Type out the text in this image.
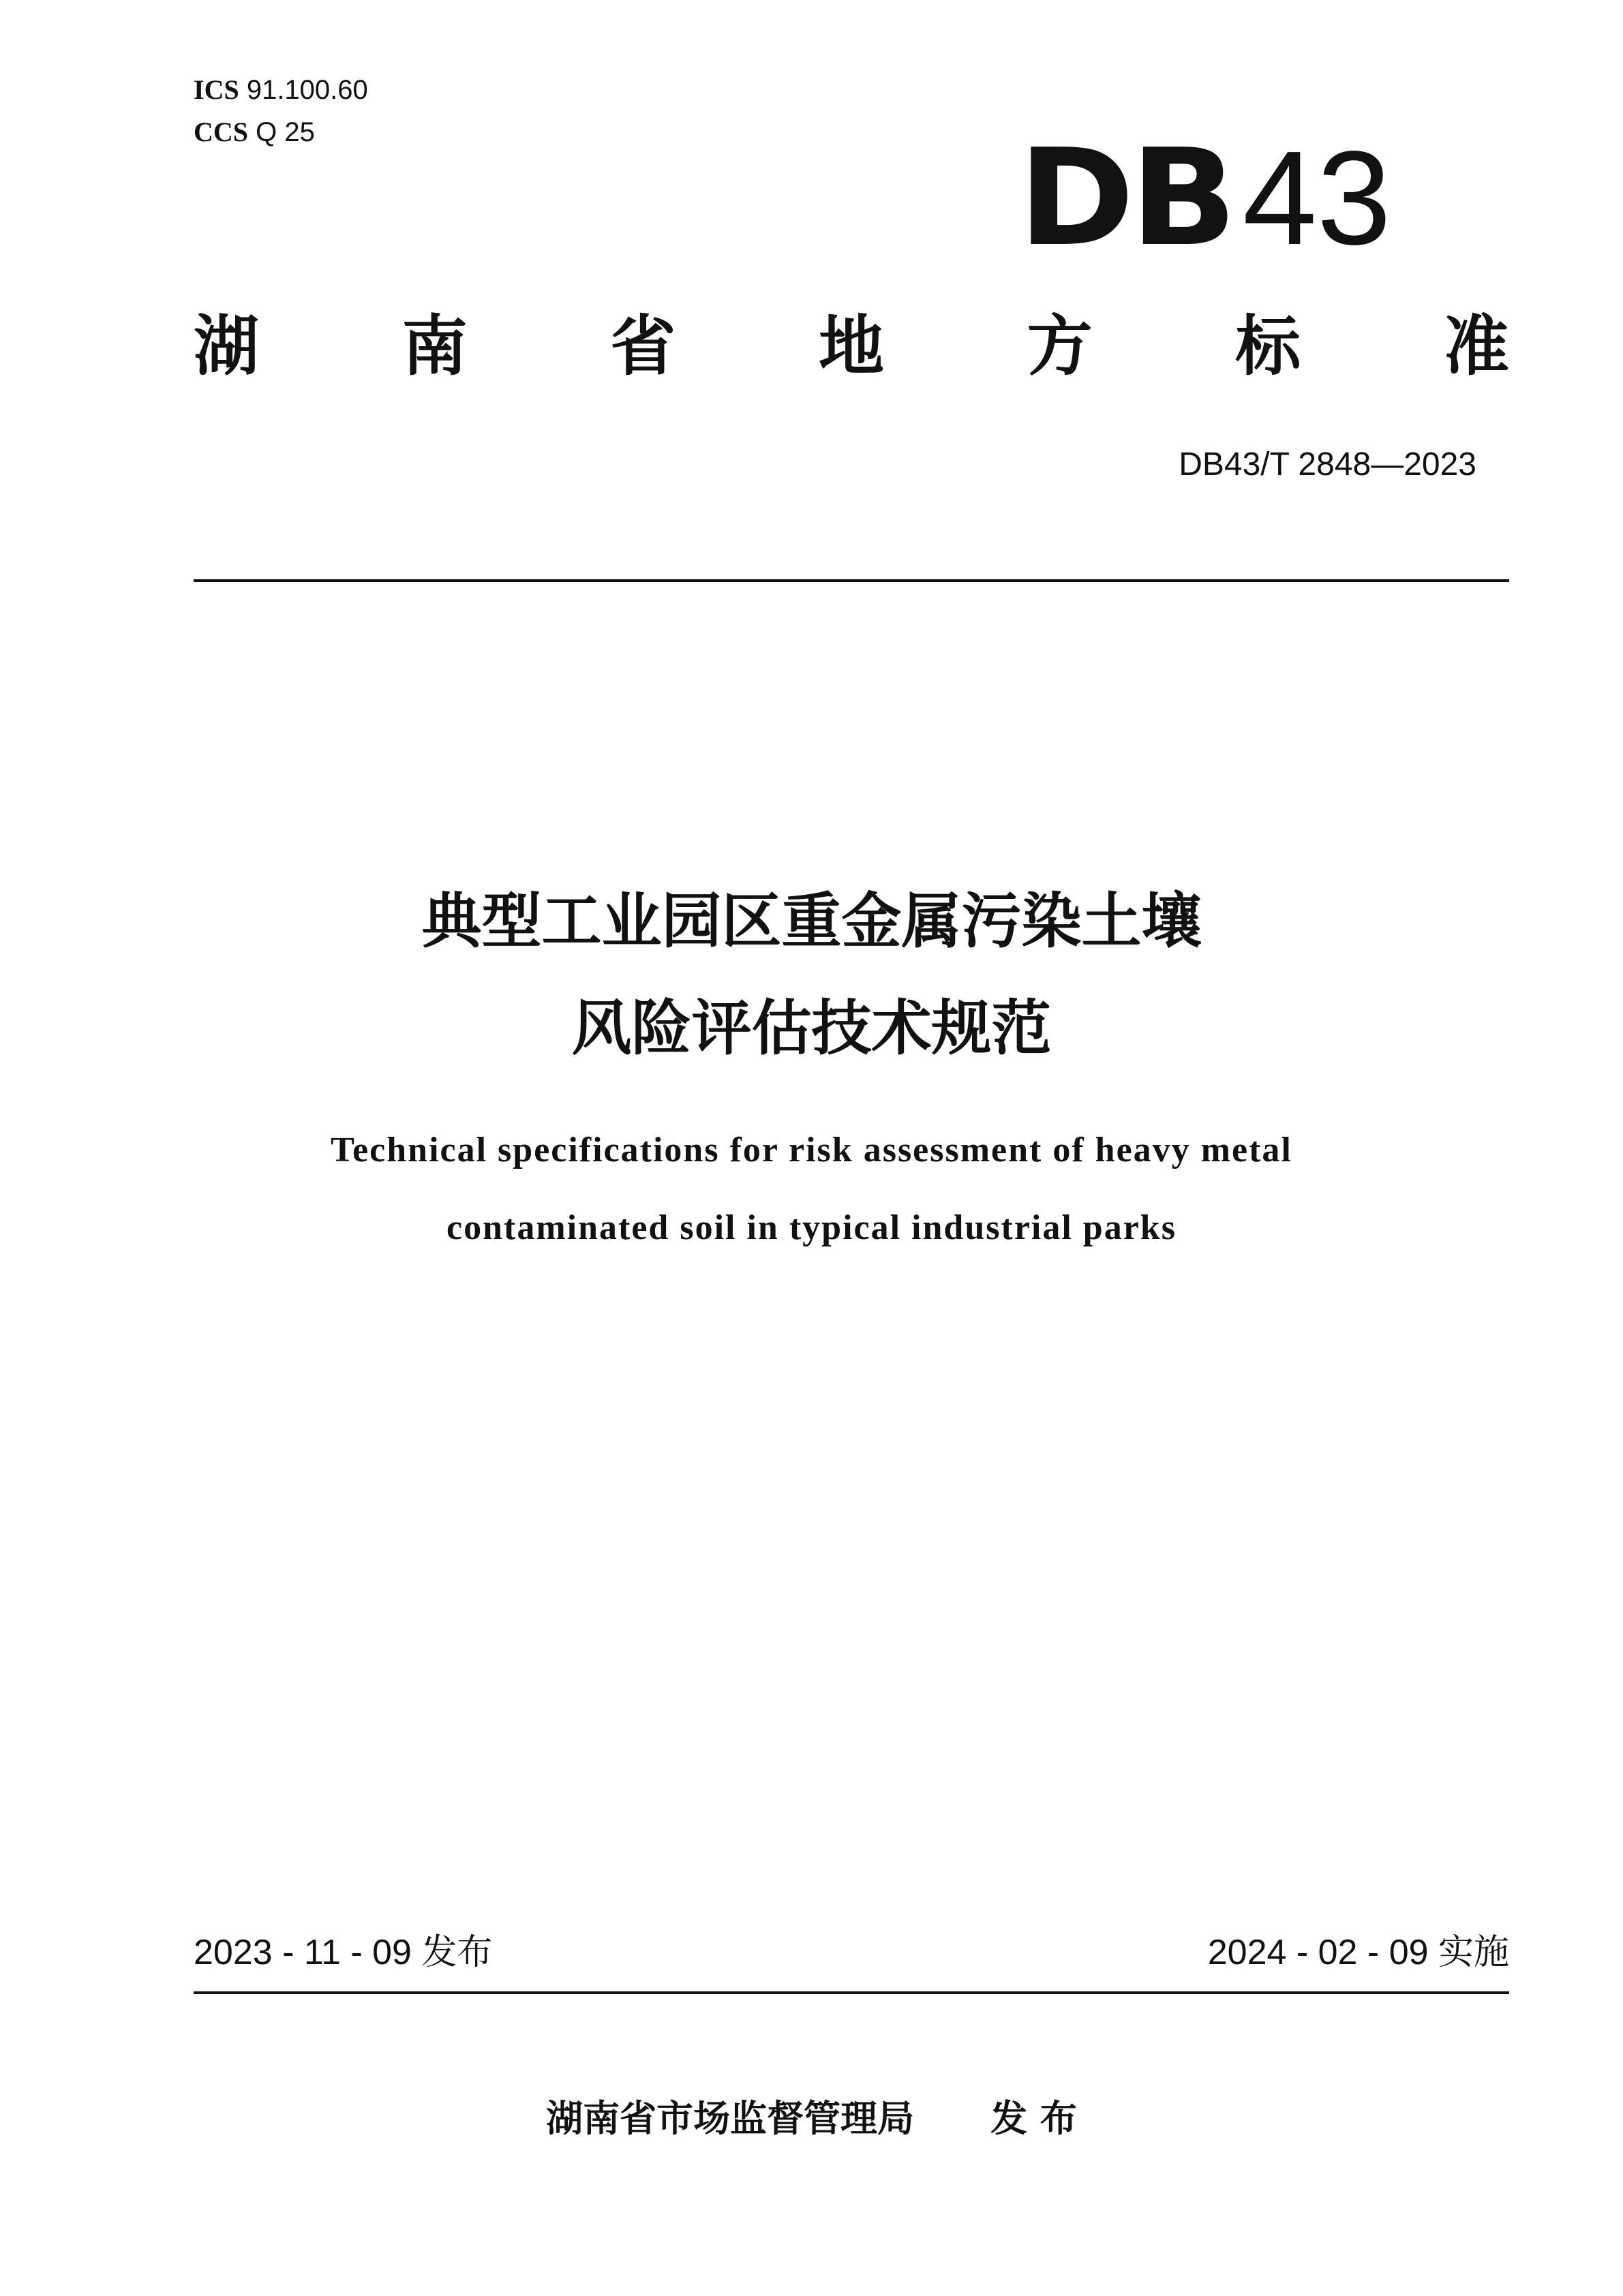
ICS 91.100.60
CCS Q 25	DB 43
湖 南 省 地 方 标 准
DB43/T 2848—2023
典型工业园区重金属污染土壤
风险评估技术规范
Technical specifications for risk assessment of heavy metal
contaminated soil in typical industrial parks
2023 - 11 - 09 发布	2024 - 02 - 09 实施
湖南省市场监督管理局 发 布
